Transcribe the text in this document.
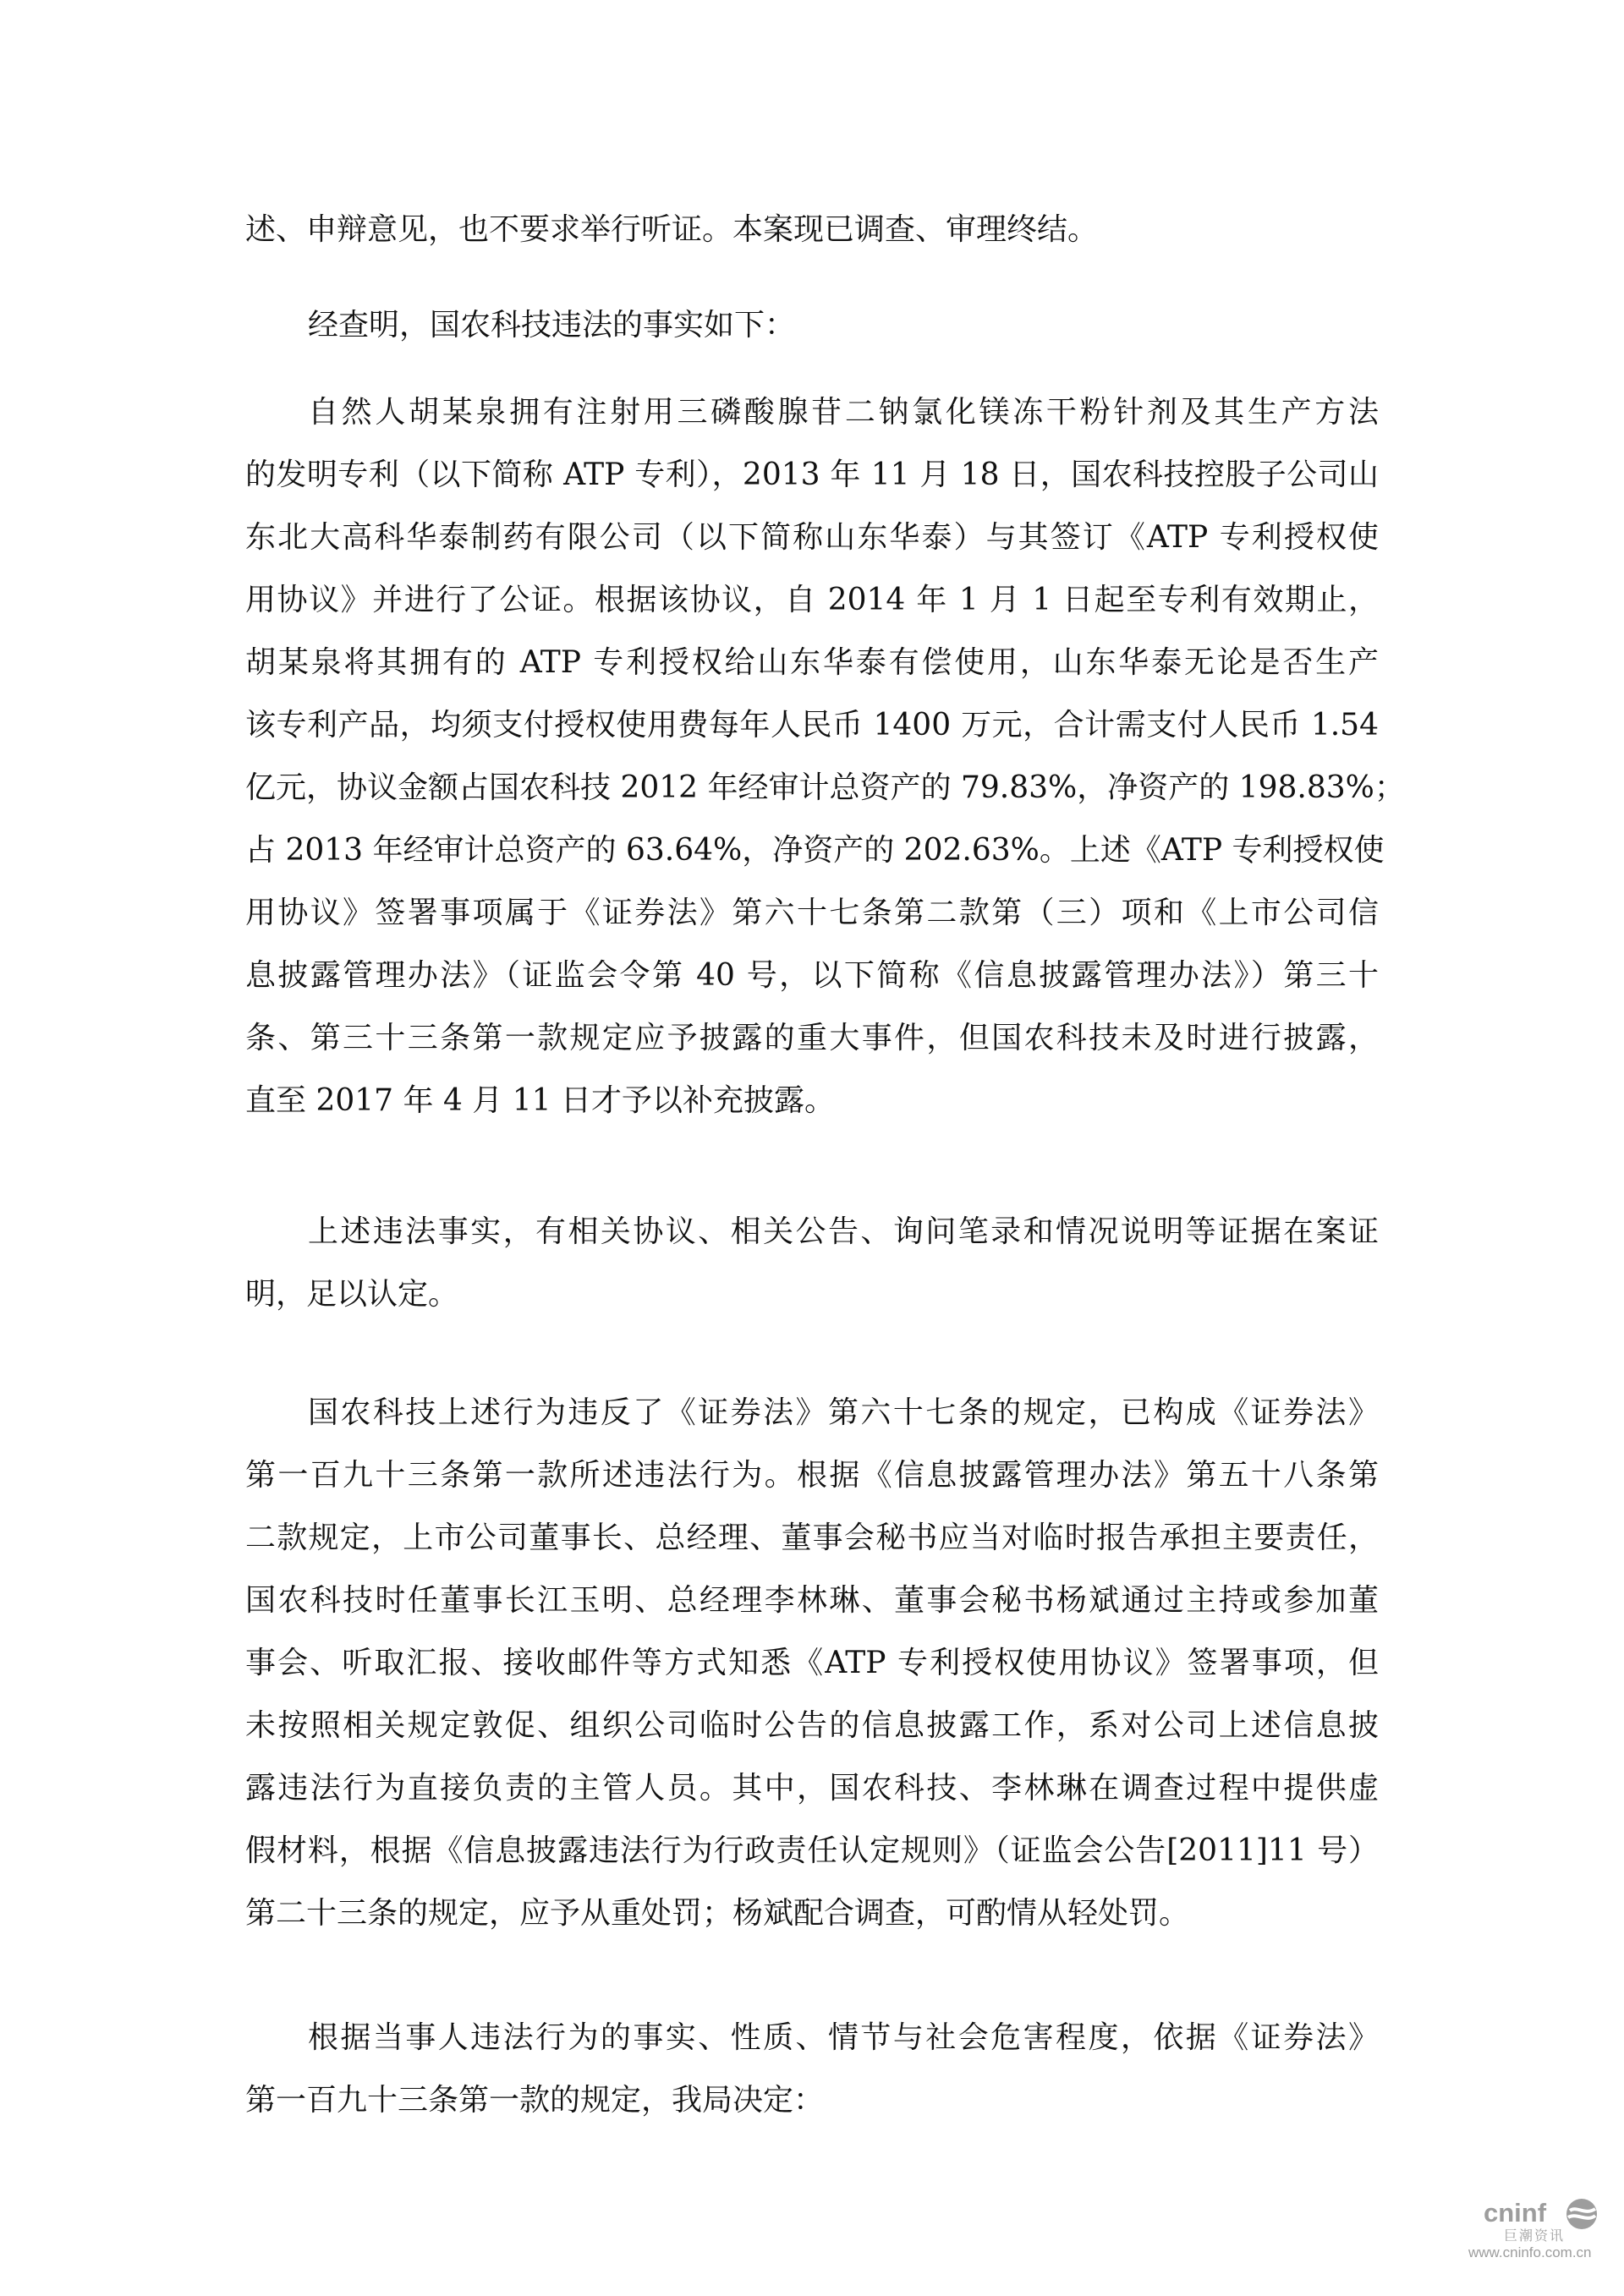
述、申辩意见，也不要求举行听证。本案现已调查、审理终结。
经查明，国农科技违法的事实如下：
自然人胡某泉拥有注射用三磷酸腺苷二钠氯化镁冻干粉针剂及其生产方法
的发明专利（以下简称 ATP 专利），2013 年 11 月 18 日，国农科技控股子公司山
东北大高科华泰制药有限公司（以下简称山东华泰）与其签订《ATP 专利授权使
用协议》并进行了公证。根据该协议，自 2014 年 1 月 1 日起至专利有效期止，
胡某泉将其拥有的 ATP 专利授权给山东华泰有偿使用，山东华泰无论是否生产
该专利产品，均须支付授权使用费每年人民币 1400 万元，合计需支付人民币 1.54
亿元，协议金额占国农科技 2012 年经审计总资产的 79.83%，净资产的 198.83%；
占 2013 年经审计总资产的 63.64%，净资产的 202.63%。上述《ATP 专利授权使
用协议》签署事项属于《证券法》第六十七条第二款第（三）项和《上市公司信
息披露管理办法》（证监会令第 40 号，以下简称《信息披露管理办法》）第三十
条、第三十三条第一款规定应予披露的重大事件，但国农科技未及时进行披露，
直至 2017 年 4 月 11 日才予以补充披露。
上述违法事实，有相关协议、相关公告、询问笔录和情况说明等证据在案证
明，足以认定。
国农科技上述行为违反了《证券法》第六十七条的规定，已构成《证券法》
第一百九十三条第一款所述违法行为。根据《信息披露管理办法》第五十八条第
二款规定，上市公司董事长、总经理、董事会秘书应当对临时报告承担主要责任，
国农科技时任董事长江玉明、总经理李林琳、董事会秘书杨斌通过主持或参加董
事会、听取汇报、接收邮件等方式知悉《ATP 专利授权使用协议》签署事项，但
未按照相关规定敦促、组织公司临时公告的信息披露工作，系对公司上述信息披
露违法行为直接负责的主管人员。其中，国农科技、李林琳在调查过程中提供虚
假材料，根据《信息披露违法行为行政责任认定规则》（证监会公告[2011]11 号）
第二十三条的规定，应予从重处罚；杨斌配合调查，可酌情从轻处罚。
根据当事人违法行为的事实、性质、情节与社会危害程度，依据《证券法》
第一百九十三条第一款的规定，我局决定：
cninf
巨潮资讯
www.cninfo.com.cn
